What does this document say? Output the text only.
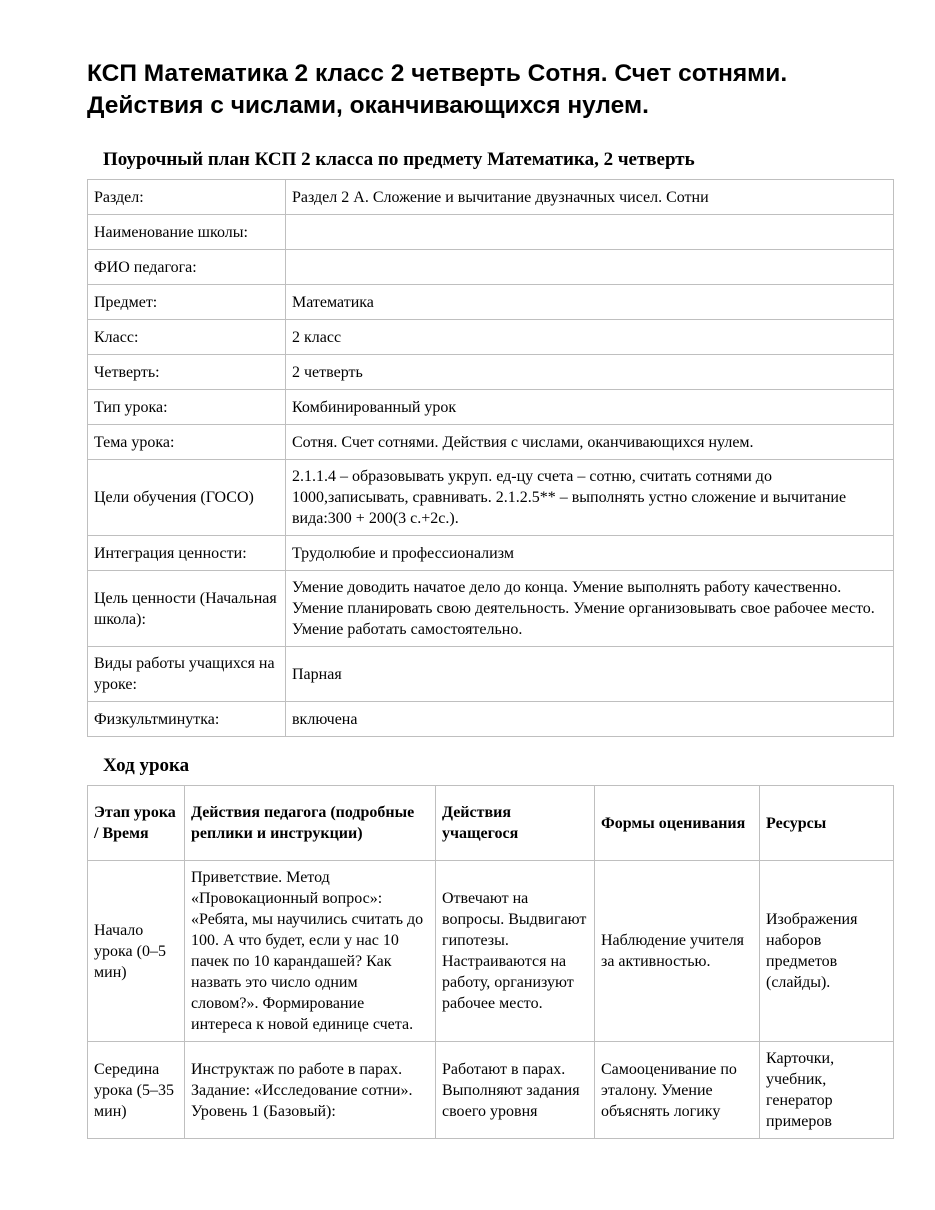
КСП Математика 2 класс 2 четверть Сотня. Счет сотнями. Действия с числами, оканчивающихся нулем.
Поурочный план КСП 2 класса по предмету Математика, 2 четверть
Раздел:	Раздел 2 А. Сложение и вычитание двузначных чисел. Сотни
Наименование школы:	
ФИО педагога:	
Предмет:	Математика
Класс:	2 класс
Четверть:	2 четверть
Тип урока:	Комбинированный урок
Тема урока:	Сотня. Счет сотнями. Действия с числами, оканчивающихся нулем.
Цели обучения (ГОСО)	2.1.1.4 – образовывать укруп. ед-цу счета – сотню, считать сотнями до 1000,записывать, сравнивать. 2.1.2.5** – выполнять устно сложение и вычитание вида:300 + 200(3 с.+2с.).
Интеграция ценности:	Трудолюбие и профессионализм
Цель ценности (Начальная школа):	Умение доводить начатое дело до конца. Умение выполнять работу качественно. Умение планировать свою деятельность. Умение организовывать свое рабочее место. Умение работать самостоятельно.
Виды работы учащихся на уроке:	Парная
Физкультминутка:	включена
Ход урока
Этап урока / Время	Действия педагога (подробные реплики и инструкции)	Действия учащегося	Формы оценивания	Ресурсы
Начало урока (0–5 мин)	Приветствие. Метод «Провокационный вопрос»: «Ребята, мы научились считать до 100. А что будет, если у нас 10 пачек по 10 карандашей? Как назвать это число одним словом?». Формирование интереса к новой единице счета.	Отвечают на вопросы. Выдвигают гипотезы. Настраиваются на работу, организуют рабочее место.	Наблюдение учителя за активностью.	Изображения наборов предметов (слайды).
Середина урока (5–35 мин)	Инструктаж по работе в парах. Задание: «Исследование сотни». Уровень 1 (Базовый):	Работают в парах. Выполняют задания своего уровня	Самооценивание по эталону. Умение объяснять логику	Карточки, учебник, генератор примеров
